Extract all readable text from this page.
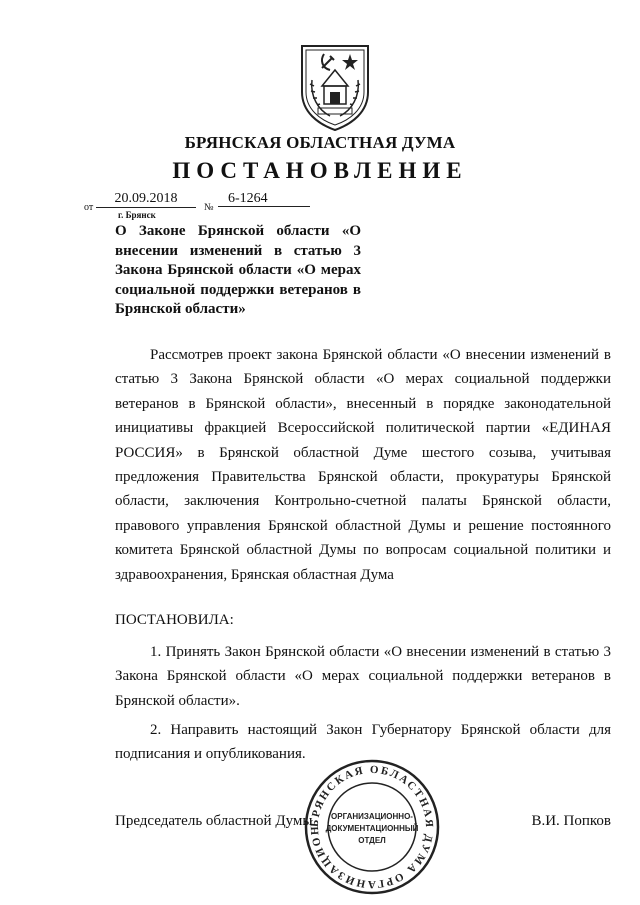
БРЯНСКАЯ ОБЛАСТНАЯ ДУМА
ПОСТАНОВЛЕНИЕ
от
20.09.2018
№
6-1264
г. Брянск
О Законе Брянской области «О внесении изменений в статью 3 Закона Брянской области «О мерах социальной поддержки ветеранов в Брянской области»
Рассмотрев проект закона Брянской области «О внесении изменений в статью 3 Закона Брянской области «О мерах социальной поддержки ветеранов в Брянской области», внесенный в порядке законодательной инициативы фракцией Всероссийской политической партии «ЕДИНАЯ РОССИЯ» в Брянской областной Думе шестого созыва, учитывая предложения Правительства Брянской области, прокуратуры Брянской области, заключения Контрольно-счетной палаты Брянской области, правового управления Брянской областной Думы и решение постоянного комитета Брянской областной Думы по вопросам социальной политики и здравоохранения, Брянская областная Дума
ПОСТАНОВИЛА:
1. Принять Закон Брянской области «О внесении изменений в статью 3 Закона Брянской области «О мерах социальной поддержки ветеранов в Брянской области».
2. Направить настоящий Закон Губернатору Брянской области для подписания и опубликования.
БРЯНСКАЯ ОБЛАСТНАЯ ДУМА ОРГАНИЗАЦИОН
ОРГАНИЗАЦИОННО-
ДОКУМЕНТАЦИОННЫЙ
ОТДЕЛ
Председатель областной Думы	В.И. Попков
